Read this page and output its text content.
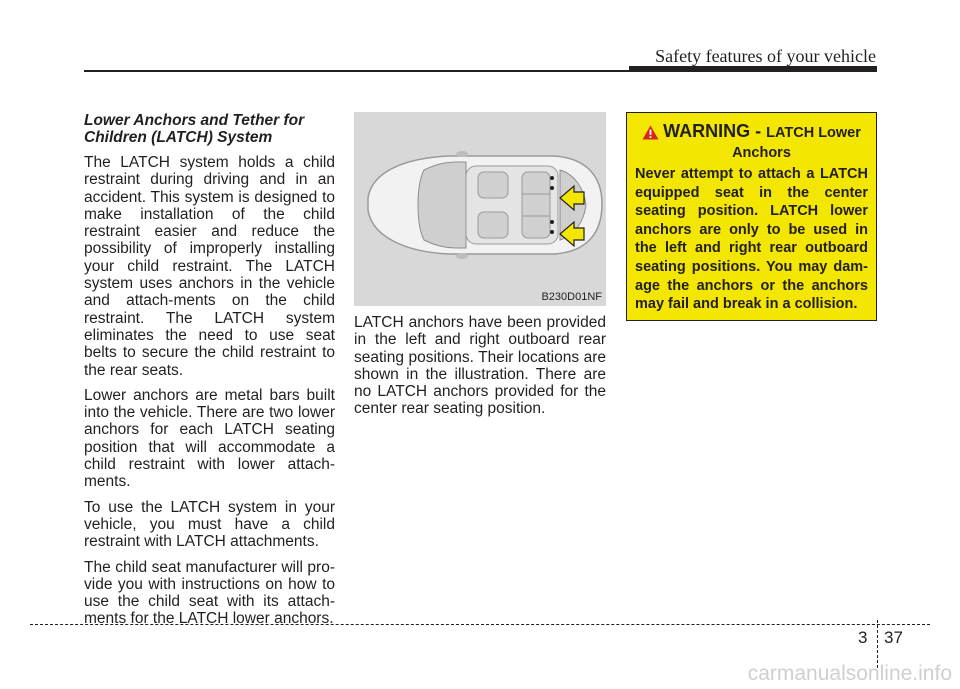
Safety features of your vehicle
Lower Anchors and Tether for Children (LATCH) System

The LATCH system holds a child restraint during driving and in an accident. This system is designed to make installation of the child restraint easier and reduce the possibility of improperly installing your child restraint. The LATCH system uses anchors in the vehicle and attach-ments on the child restraint. The LATCH system eliminates the need to use seat belts to secure the child restraint to the rear seats.

Lower anchors are metal bars built into the vehicle. There are two lower anchors for each LATCH seating position that will accommodate a child restraint with lower attach-ments.

To use the LATCH system in your vehicle, you must have a child restraint with LATCH attachments.

The child seat manufacturer will pro-vide you with instructions on how to use the child seat with its attach-ments for the LATCH lower anchors.

B230D01NF

LATCH anchors have been provided in the left and right outboard rear seating positions. Their locations are shown in the illustration. There are no LATCH anchors provided for the center rear seating position.

WARNING - LATCH Lower
Anchors

Never attempt to attach a LATCH equipped seat in the center seating position. LATCH lower anchors are only to be used in the left and right rear outboard seating positions. You may dam-age the anchors or the anchors may fail and break in a collision.

3 37
carmanualsonline.info
